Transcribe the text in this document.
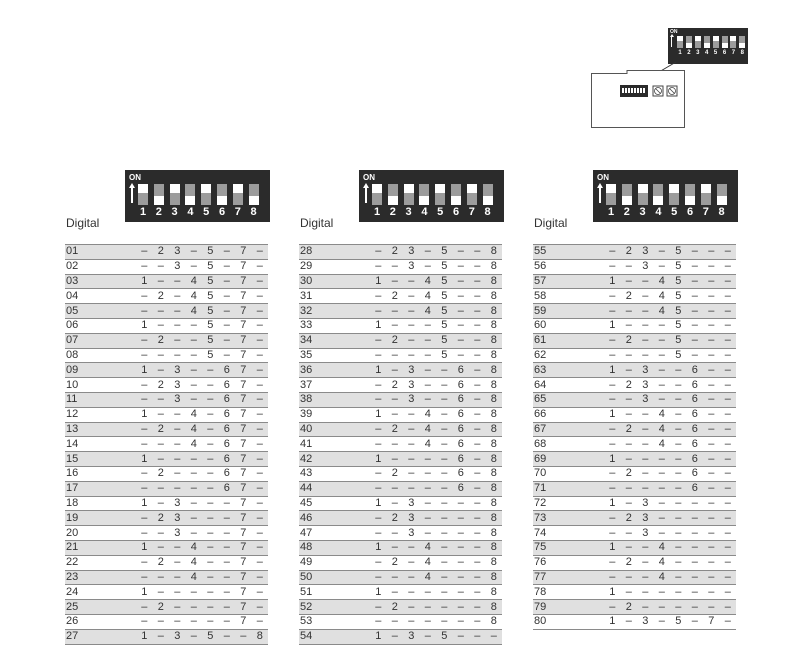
ON
1 2 3 4 5 6 7 8
ON
1 2 3 4 5 6 7 8
Digital
01	–	2	3	–	5	–	7	–
02	–	–	3	–	5	–	7	–
03	1	–	–	4	5	–	7	–
04	–	2	–	4	5	–	7	–
05	–	–	–	4	5	–	7	–
06	1	–	–	–	5	–	7	–
07	–	2	–	–	5	–	7	–
08	–	–	–	–	5	–	7	–
09	1	–	3	–	–	6	7	–
10	–	2	3	–	–	6	7	–
11	–	–	3	–	–	6	7	–
12	1	–	–	4	–	6	7	–
13	–	2	–	4	–	6	7	–
14	–	–	–	4	–	6	7	–
15	1	–	–	–	–	6	7	–
16	–	2	–	–	–	6	7	–
17	–	–	–	–	–	6	7	–
18	1	–	3	–	–	–	7	–
19	–	2	3	–	–	–	7	–
20	–	–	3	–	–	–	7	–
21	1	–	–	4	–	–	7	–
22	–	2	–	4	–	–	7	–
23	–	–	–	4	–	–	7	–
24	1	–	–	–	–	–	7	–
25	–	2	–	–	–	–	7	–
26	–	–	–	–	–	–	7	–
27	1	–	3	–	5	–	–	8
ON
1 2 3 4 5 6 7 8
Digital
28	–	2	3	–	5	–	–	8
29	–	–	3	–	5	–	–	8
30	1	–	–	4	5	–	–	8
31	–	2	–	4	5	–	–	8
32	–	–	–	4	5	–	–	8
33	1	–	–	–	5	–	–	8
34	–	2	–	–	5	–	–	8
35	–	–	–	–	5	–	–	8
36	1	–	3	–	–	6	–	8
37	–	2	3	–	–	6	–	8
38	–	–	3	–	–	6	–	8
39	1	–	–	4	–	6	–	8
40	–	2	–	4	–	6	–	8
41	–	–	–	4	–	6	–	8
42	1	–	–	–	–	6	–	8
43	–	2	–	–	–	6	–	8
44	–	–	–	–	–	6	–	8
45	1	–	3	–	–	–	–	8
46	–	2	3	–	–	–	–	8
47	–	–	3	–	–	–	–	8
48	1	–	–	4	–	–	–	8
49	–	2	–	4	–	–	–	8
50	–	–	–	4	–	–	–	8
51	1	–	–	–	–	–	–	8
52	–	2	–	–	–	–	–	8
53	–	–	–	–	–	–	–	8
54	1	–	3	–	5	–	–	–
ON
1 2 3 4 5 6 7 8
Digital
55	–	2	3	–	5	–	–	–
56	–	–	3	–	5	–	–	–
57	1	–	–	4	5	–	–	–
58	–	2	–	4	5	–	–	–
59	–	–	–	4	5	–	–	–
60	1	–	–	–	5	–	–	–
61	–	2	–	–	5	–	–	–
62	–	–	–	–	5	–	–	–
63	1	–	3	–	–	6	–	–
64	–	2	3	–	–	6	–	–
65	–	–	3	–	–	6	–	–
66	1	–	–	4	–	6	–	–
67	–	2	–	4	–	6	–	–
68	–	–	–	4	–	6	–	–
69	1	–	–	–	–	6	–	–
70	–	2	–	–	–	6	–	–
71	–	–	–	–	–	6	–	–
72	1	–	3	–	–	–	–	–
73	–	2	3	–	–	–	–	–
74	–	–	3	–	–	–	–	–
75	1	–	–	4	–	–	–	–
76	–	2	–	4	–	–	–	–
77	–	–	–	4	–	–	–	–
78	1	–	–	–	–	–	–	–
79	–	2	–	–	–	–	–	–
80	1	–	3	–	5	–	7	–
